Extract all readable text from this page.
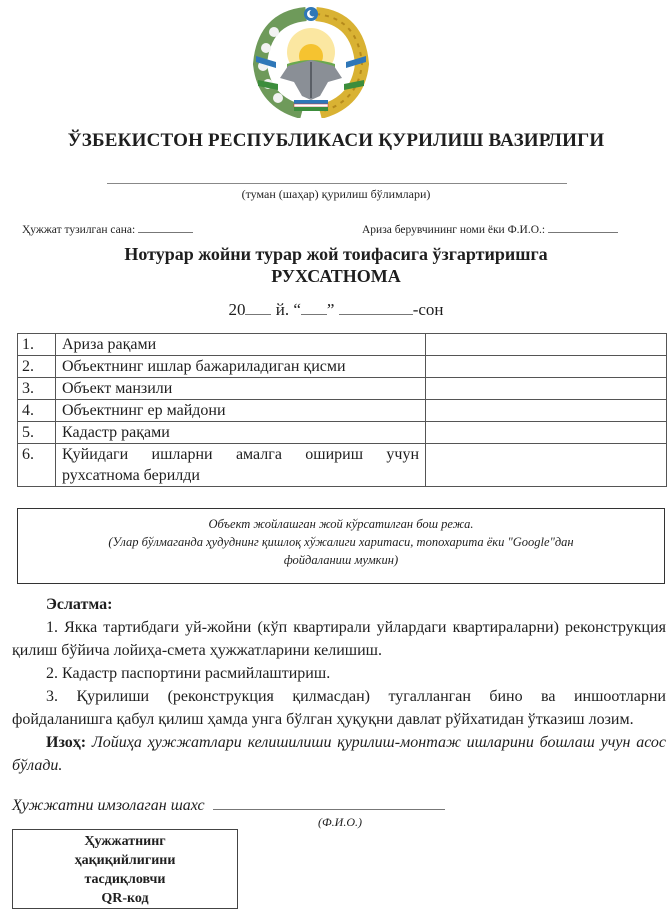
ЎЗБЕКИСТОН РЕСПУБЛИКАСИ ҚУРИЛИШ ВАЗИРЛИГИ
(туман (шаҳар) қурилиш бўлимлари)
Ҳужжат тузилган сана:	Ариза берувчининг номи ёки Ф.И.О.:
Нотурар жойни турар жой тоифасига ўзгартиришга
РУХСАТНОМА
20 й. “ ”	-сон
1.	Ариза рақами	
2.	Объектнинг ишлар бажариладиган қисми	
3.	Объект манзили	
4.	Объектнинг ер майдони	
5.	Кадастр рақами	
6.	Қуйидаги ишларни амалга ошириш учун рухсатнома берилди	
Объект жойлашган жой кўрсатилган бош режа.
(Улар бўлмаганда ҳудуднинг қишлоқ хўжалиги харитаси, топохарита ёки "Google"дан
фойдаланиш мумкин)

Эслатма:

1. Якка тартибдаги уй-жойни (кўп квартирали уйлардаги квартираларни) реконструкция қилиш бўйича лойиҳа-смета ҳужжатларини келишиш.

2. Кадастр паспортини расмийлаштириш.

3. Қурилиши (реконструкция қилмасдан) тугалланган бино ва иншоотларни фойдаланишга қабул қилиш ҳамда унга бўлган ҳуқуқни давлат рўйхатидан ўтказиш лозим.

Изоҳ: Лойиҳа ҳужжатлари келишилиши қурилиш-монтаж ишларини бошлаш учун асос бўлади.

Ҳужжатни имзолаган шахс
(Ф.И.О.)
Ҳужжатнинг
ҳақиқийлигини
тасдиқловчи
QR-код
